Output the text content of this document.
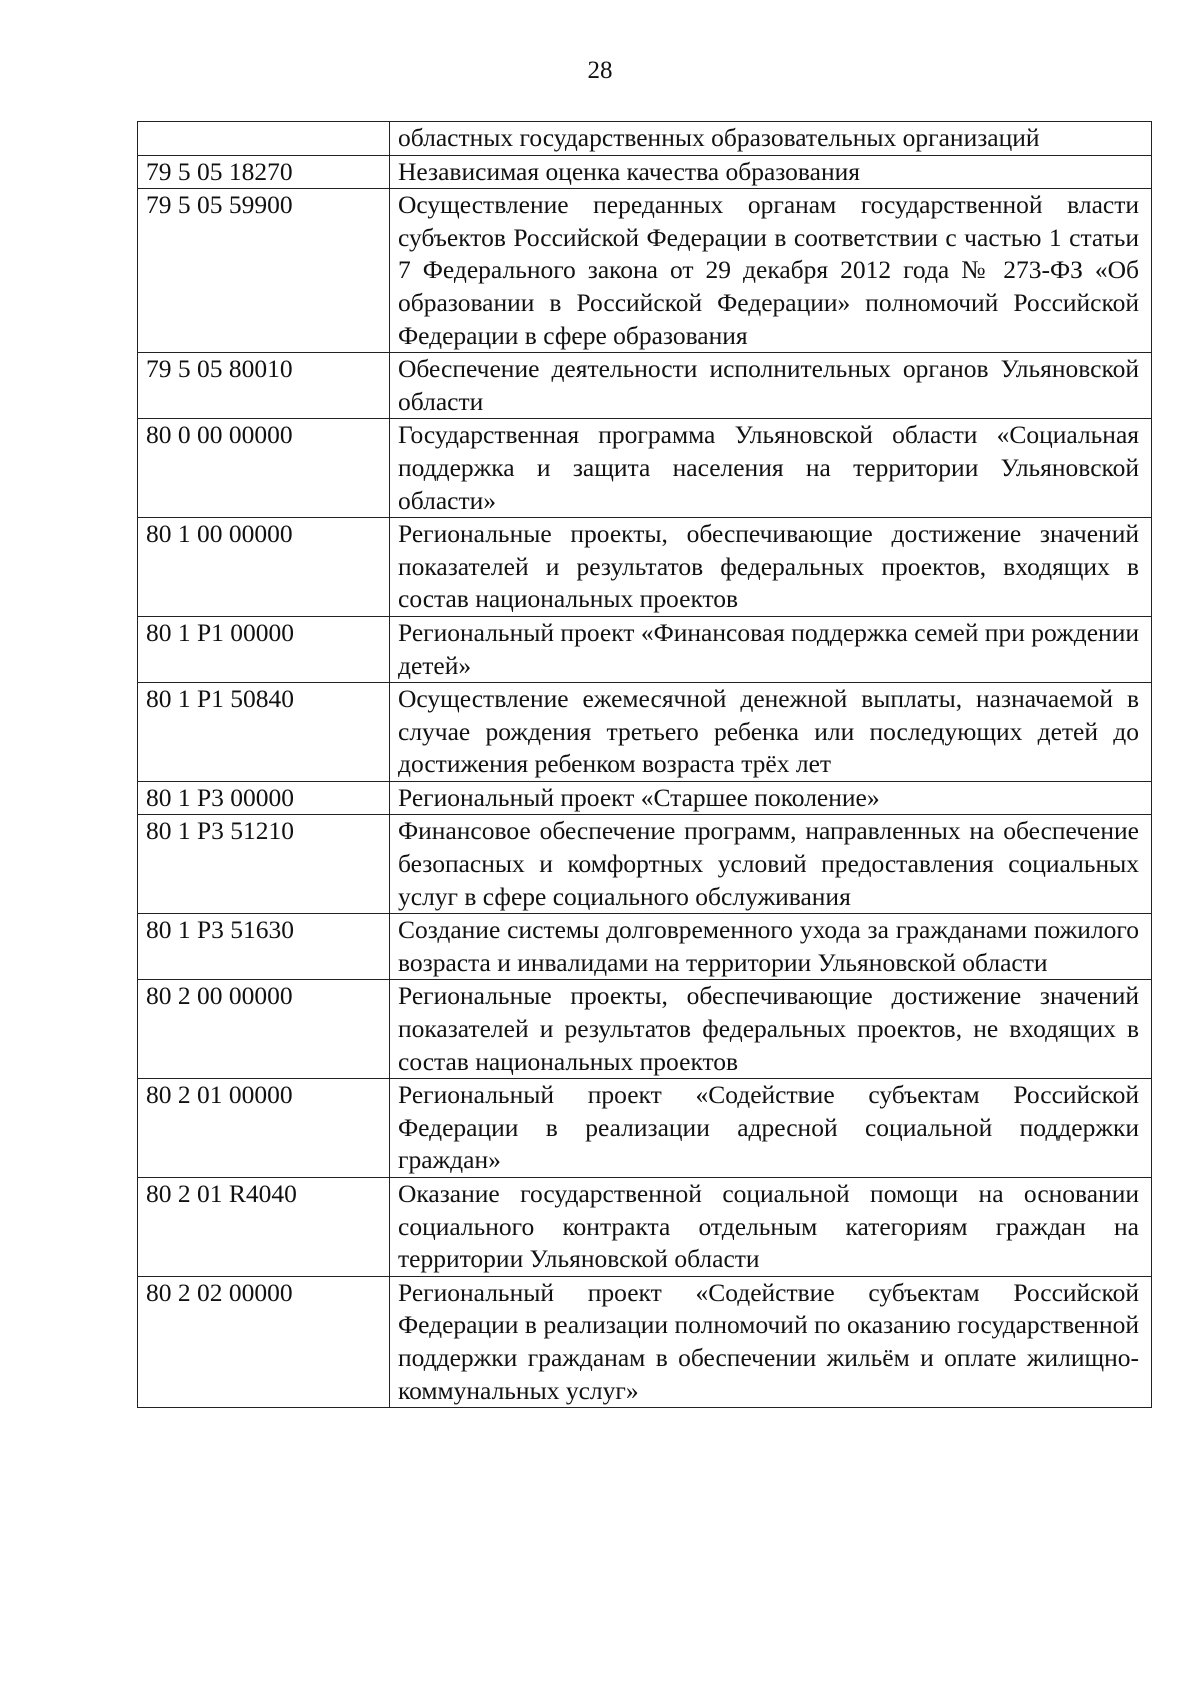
28
	областных государственных образовательных организаций
79 5 05 18270	Независимая оценка качества образования
79 5 05 59900	Осуществление переданных органам государственной власти субъектов Российской Федерации в соответствии с частью 1 статьи 7 Федерального закона от 29 декабря 2012 года № 273-ФЗ «Об образовании в Российской Федерации» полномочий Российской Федерации в сфере образования
79 5 05 80010	Обеспечение деятельности исполнительных органов Ульяновской области
80 0 00 00000	Государственная программа Ульяновской области «Социальная поддержка и защита населения на территории Ульяновской области»
80 1 00 00000	Региональные проекты, обеспечивающие достижение значений показателей и результатов федеральных проектов, входящих в состав национальных проектов
80 1 P1 00000	Региональный проект «Финансовая поддержка семей при рождении детей»
80 1 P1 50840	Осуществление ежемесячной денежной выплаты, назначаемой в случае рождения третьего ребенка или последующих детей до достижения ребенком возраста трёх лет
80 1 P3 00000	Региональный проект «Старшее поколение»
80 1 P3 51210	Финансовое обеспечение программ, направленных на обеспечение безопасных и комфортных условий предоставления социальных услуг в сфере социального обслуживания
80 1 P3 51630	Создание системы долговременного ухода за гражданами пожилого возраста и инвалидами на территории Ульяновской области
80 2 00 00000	Региональные проекты, обеспечивающие достижение значений показателей и результатов федеральных проектов, не входящих в состав национальных проектов
80 2 01 00000	Региональный проект «Содействие субъектам Российской Федерации в реализации адресной социальной поддержки граждан»
80 2 01 R4040	Оказание государственной социальной помощи на основании социального контракта отдельным категориям граждан на территории Ульяновской области
80 2 02 00000	Региональный проект «Содействие субъектам Российской Федерации в реализации полномочий по оказанию государственной поддержки гражданам в обеспечении жильём и оплате жилищно-коммунальных услуг»
